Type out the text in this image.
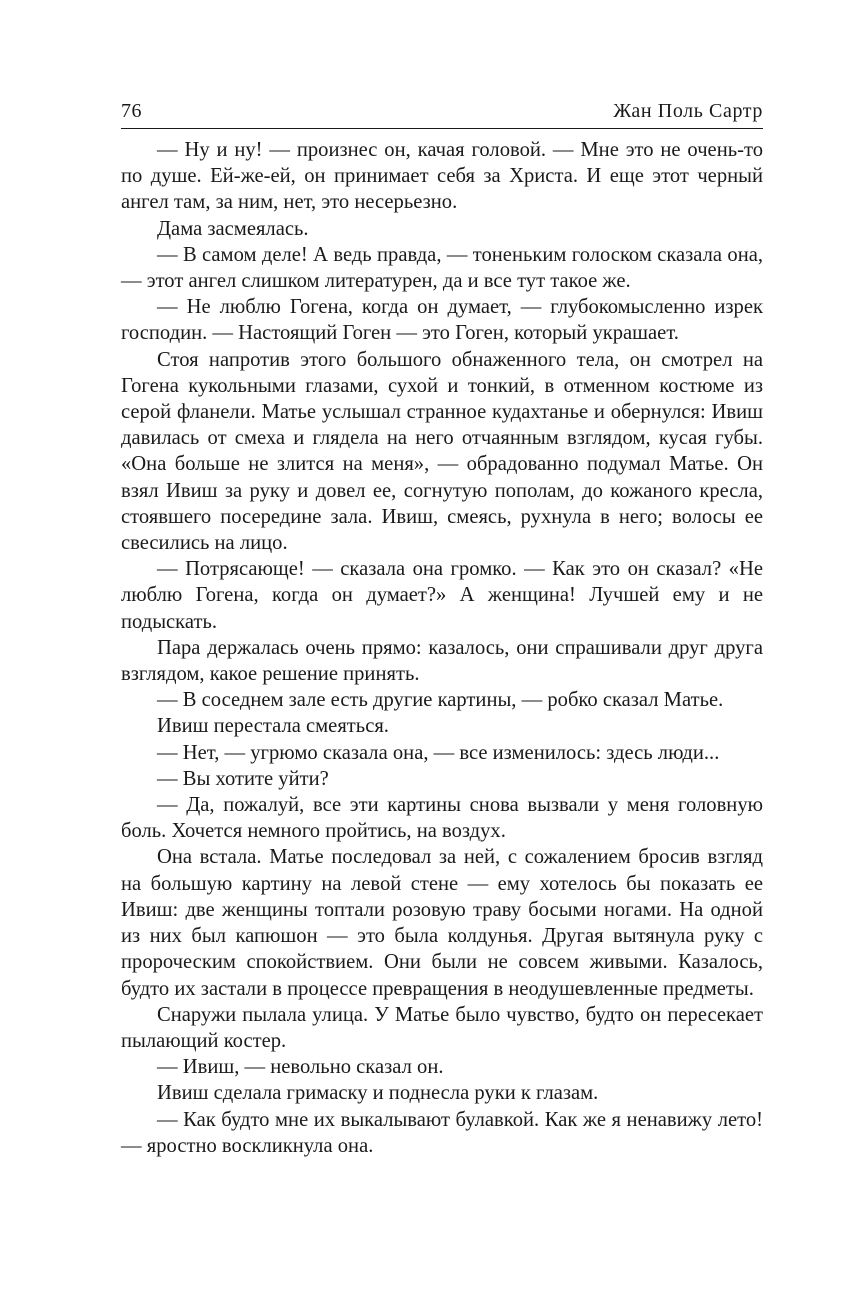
76	Жан Поль Сартр

— Ну и ну! — произнес он, качая головой. — Мне это не очень-то по душе. Ей-же-ей, он принимает себя за Христа. И еще этот черный ангел там, за ним, нет, это несерьезно.

Дама засмеялась.

— В самом деле! А ведь правда, — тоненьким голоском сказала она, — этот ангел слишком литературен, да и все тут такое же.

— Не люблю Гогена, когда он думает, — глубокомысленно изрек господин. — Настоящий Гоген — это Гоген, который украшает.

Стоя напротив этого большого обнаженного тела, он смотрел на Гогена кукольными глазами, сухой и тонкий, в отменном костюме из серой фланели. Матье услышал странное кудахтанье и обернулся: Ивиш давилась от смеха и глядела на него отчаянным взглядом, кусая губы. «Она больше не злится на меня», — обрадованно подумал Матье. Он взял Ивиш за руку и довел ее, согнутую пополам, до кожаного кресла, стоявшего посередине зала. Ивиш, смеясь, рухнула в него; волосы ее свесились на лицо.

— Потрясающе! — сказала она громко. — Как это он сказал? «Не люблю Гогена, когда он думает?» А женщина! Лучшей ему и не подыскать.

Пара держалась очень прямо: казалось, они спрашивали друг друга взглядом, какое решение принять.

— В соседнем зале есть другие картины, — робко сказал Матье.

Ивиш перестала смеяться.

— Нет, — угрюмо сказала она, — все изменилось: здесь люди...

— Вы хотите уйти?

— Да, пожалуй, все эти картины снова вызвали у меня головную боль. Хочется немного пройтись, на воздух.

Она встала. Матье последовал за ней, с сожалением бросив взгляд на большую картину на левой стене — ему хотелось бы показать ее Ивиш: две женщины топтали розовую траву босыми ногами. На одной из них был капюшон — это была колдунья. Другая вытянула руку с пророческим спокойствием. Они были не совсем живыми. Казалось, будто их застали в процессе превращения в неодушевленные предметы.

Снаружи пылала улица. У Матье было чувство, будто он пересекает пылающий костер.

— Ивиш, — невольно сказал он.

Ивиш сделала гримаску и поднесла руки к глазам.

— Как будто мне их выкалывают булавкой. Как же я ненавижу лето! — яростно воскликнула она.
